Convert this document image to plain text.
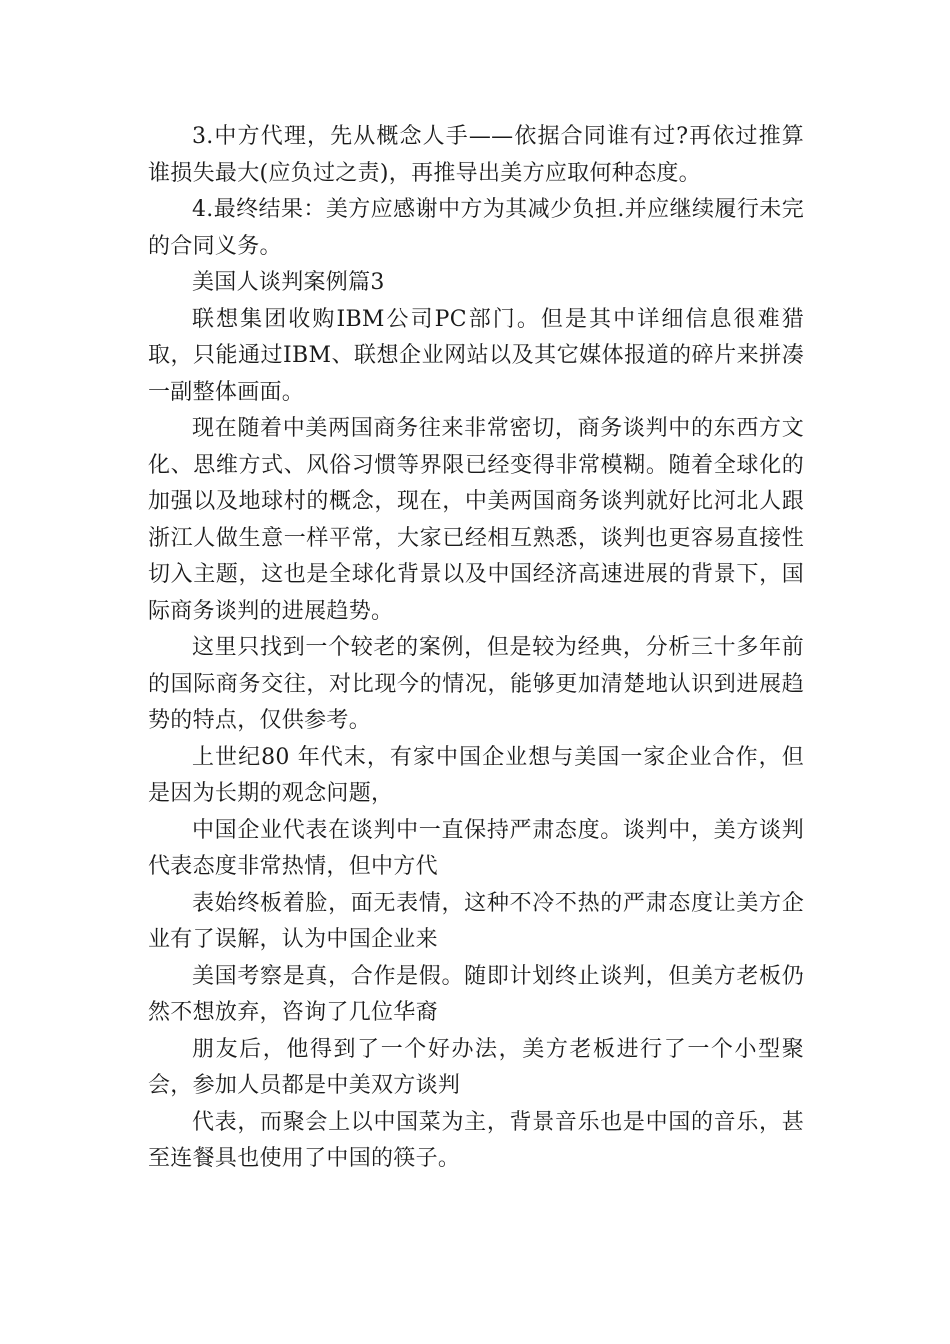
3.中方代理，先从概念人手——依据合同谁有过?再依过推算谁损失最大(应负过之责)，再推导出美方应取何种态度。

4.最终结果：美方应感谢中方为其减少负担.并应继续履行未完的合同义务。

美国人谈判案例篇3

联想集团收购IBM公司PC部门。但是其中详细信息很难猎取，只能通过IBM、联想企业网站以及其它媒体报道的碎片来拼凑一副整体画面。

现在随着中美两国商务往来非常密切，商务谈判中的东西方文化、思维方式、风俗习惯等界限已经变得非常模糊。随着全球化的加强以及地球村的概念，现在，中美两国商务谈判就好比河北人跟浙江人做生意一样平常，大家已经相互熟悉，谈判也更容易直接性切入主题，这也是全球化背景以及中国经济高速进展的背景下，国际商务谈判的进展趋势。

这里只找到一个较老的案例，但是较为经典，分析三十多年前的国际商务交往，对比现今的情况，能够更加清楚地认识到进展趋势的特点，仅供参考。

上世纪80 年代末，有家中国企业想与美国一家企业合作，但是因为长期的观念问题，

中国企业代表在谈判中一直保持严肃态度。谈判中，美方谈判代表态度非常热情，但中方代

表始终板着脸，面无表情，这种不冷不热的严肃态度让美方企业有了误解，认为中国企业来

美国考察是真，合作是假。随即计划终止谈判，但美方老板仍然不想放弃，咨询了几位华裔

朋友后，他得到了一个好办法，美方老板进行了一个小型聚会，参加人员都是中美双方谈判

代表，而聚会上以中国菜为主，背景音乐也是中国的音乐，甚至连餐具也使用了中国的筷子。
